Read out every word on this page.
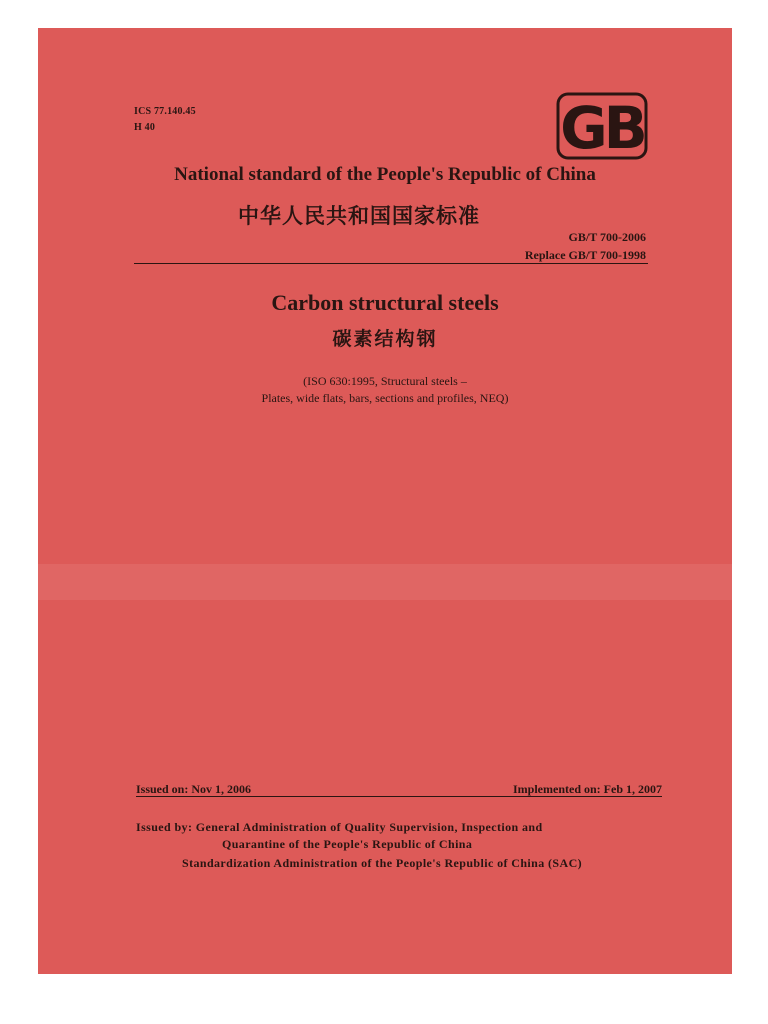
ICS 77.140.45
H 40	GB
National standard of the People's Republic of China
中华人民共和国国家标准
GB/T 700-2006
Replace GB/T 700-1998
Carbon structural steels
碳素结构钢
(ISO 630:1995, Structural steels –
Plates, wide flats, bars, sections and profiles, NEQ)
Issued on: Nov 1, 2006	Implemented on: Feb 1, 2007
Issued by: General Administration of Quality Supervision, Inspection and
Quarantine of the People's Republic of China
Standardization Administration of the People's Republic of China (SAC)
